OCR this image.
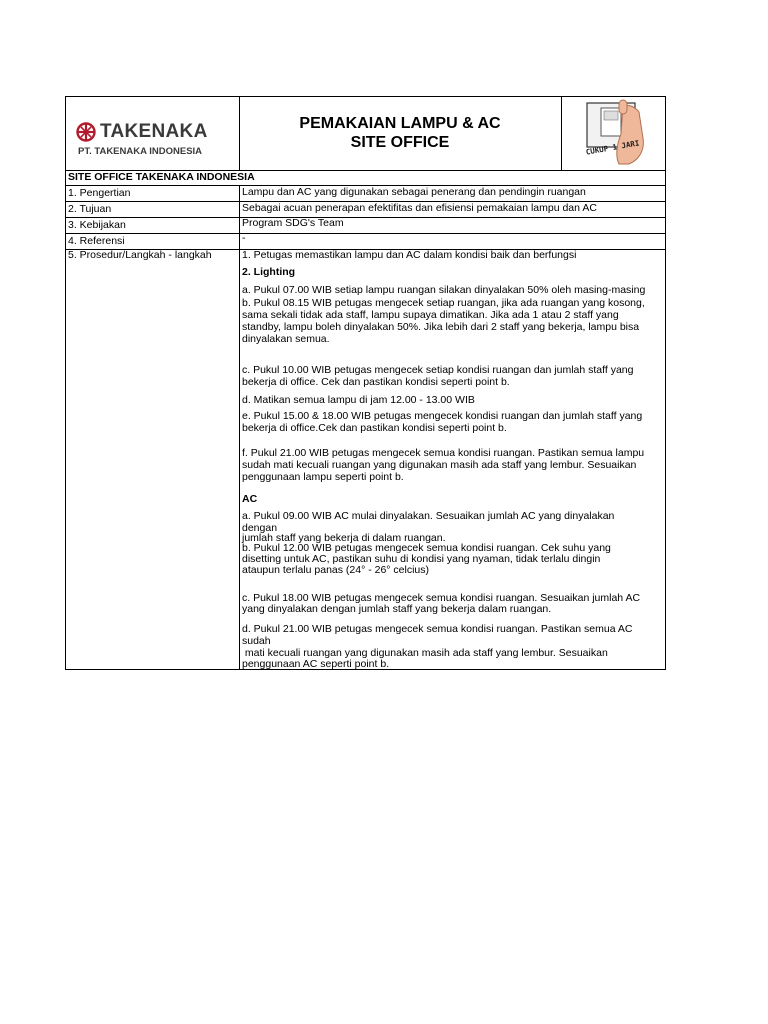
TAKENAKA
PT. TAKENAKA INDONESIA
PEMAKAIAN LAMPU & AC
SITE OFFICE	CUKUP 1 JARI
SITE OFFICE TAKENAKA INDONESIA
1. Pengertian	Lampu dan AC yang digunakan sebagai penerang dan pendingin ruangan
2. Tujuan	Sebagai acuan penerapan efektifitas dan efisiensi pemakaian lampu dan AC
3. Kebijakan	Program SDG's Team
4. Referensi	-
5. Prosedur/Langkah - langkah	1. Petugas memastikan lampu dan AC dalam kondisi baik dan berfungsi
2. Lighting
a. Pukul 07.00 WIB setiap lampu ruangan silakan dinyalakan 50% oleh masing-masing
b. Pukul 08.15 WIB petugas mengecek setiap ruangan, jika ada ruangan yang kosong,
sama sekali tidak ada staff, lampu supaya dimatikan. Jika ada 1 atau 2 staff yang
standby, lampu boleh dinyalakan 50%. Jika lebih dari 2 staff yang bekerja, lampu bisa
dinyalakan semua.
c. Pukul 10.00 WIB petugas mengecek setiap kondisi ruangan dan jumlah staff yang
bekerja di office. Cek dan pastikan kondisi seperti point b.
d. Matikan semua lampu di jam 12.00 - 13.00 WIB
e. Pukul 15.00 & 18.00 WIB petugas mengecek kondisi ruangan dan jumlah staff yang
bekerja di office.Cek dan pastikan kondisi seperti point b.
f. Pukul 21.00 WIB petugas mengecek semua kondisi ruangan. Pastikan semua lampu
sudah mati kecuali ruangan yang digunakan masih ada staff yang lembur. Sesuaikan
penggunaan lampu seperti point b.
AC
a. Pukul 09.00 WIB AC mulai dinyalakan. Sesuaikan jumlah AC yang dinyalakan
dengan
jumlah staff yang bekerja di dalam ruangan.
b. Pukul 12.00 WIB petugas mengecek semua kondisi ruangan. Cek suhu yang
disetting untuk AC, pastikan suhu di kondisi yang nyaman, tidak terlalu dingin
ataupun terlalu panas (24° - 26° celcius)
c. Pukul 18.00 WIB petugas mengecek semua kondisi ruangan. Sesuaikan jumlah AC
yang dinyalakan dengan jumlah staff yang bekerja dalam ruangan.
d. Pukul 21.00 WIB petugas mengecek semua kondisi ruangan. Pastikan semua AC
sudah
mati kecuali ruangan yang digunakan masih ada staff yang lembur. Sesuaikan
penggunaan AC seperti point b.
